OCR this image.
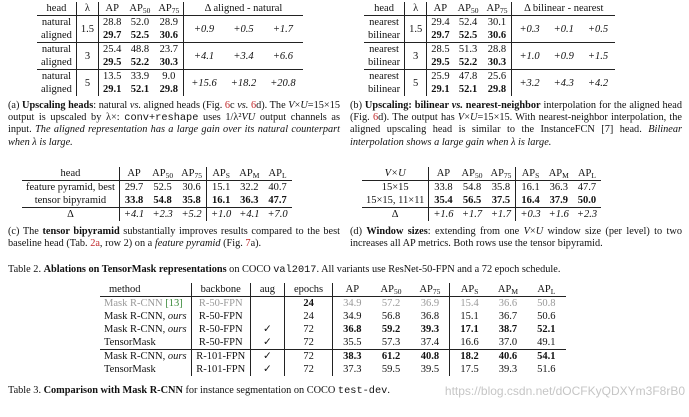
head	λ	AP	$AP_{50}$	$AP_{75}$	Δ aligned - natural		
natural	1.5	28.8	52.0	28.9	+0.9	+0.5	+1.7
aligned		29.7	52.5	30.6			
natural	3	25.4	48.8	23.7	+4.1	+3.4	+6.6
aligned		29.5	52.2	30.3			
natural	5	13.5	33.9	9.0	+15.6	+18.2	+20.8
aligned		29.1	52.1	29.8			
(a) Upscaling heads: natural vs. aligned heads (Fig. 6c vs. 6d). The V×U=15×15 output is upscaled by λ×: conv+reshape uses 1/λ²VU output channels as input. The aligned representation has a large gain over its natural counterpart when λ is large.
head	λ	AP	$AP_{50}$	$AP_{75}$	Δ bilinear - nearest		
nearest	1.5	29.4	52.4	30.1	+0.3	+0.1	+0.5
bilinear		29.7	52.5	30.6			
nearest	3	28.5	51.3	28.8	+1.0	+0.9	+1.5
bilinear		29.5	52.2	30.3			
nearest	5	25.9	47.8	25.6	+3.2	+4.3	+4.2
bilinear		29.1	52.1	29.8			
(b) Upscaling: bilinear vs. nearest-neighbor interpolation for the aligned head (Fig. 6d). The output has V×U=15×15. With nearest-neighbor interpolation, the aligned upscaling head is similar to the InstanceFCN [7] head. Bilinear interpolation shows a large gain when λ is large.
head	AP	$AP_{50}$	$AP_{75}$	$AP_S$	$AP_M$	$AP_L$
feature pyramid, best	29.7	52.5	30.6	15.1	32.2	40.7
tensor bipyramid	33.8	54.8	35.8	16.1	36.3	47.7
Δ	+4.1	+2.3	+5.2	+1.0	+4.1	+7.0
(c) The tensor bipyramid substantially improves results compared to the best baseline head (Tab. 2a, row 2) on a feature pyramid (Fig. 7a).
V×U	AP	$AP_{50}$	$AP_{75}$	$AP_S$	$AP_M$	$AP_L$
15×15	33.8	54.8	35.8	16.1	36.3	47.7
15×15, 11×11	35.4	56.5	37.5	16.4	37.9	50.0
Δ	+1.6	+1.7	+1.7	+0.3	+1.6	+2.3
(d) Window sizes: extending from one V×U window size (per level) to two increases all AP metrics. Both rows use the tensor bipyramid.
Table 2. Ablations on TensorMask representations on COCO val2017. All variants use ResNet-50-FPN and a 72 epoch schedule.
method	backbone	aug	epochs	AP	$AP_{50}$	$AP_{75}$	$AP_S$	$AP_M$	$AP_L$
Mask R-CNN [13]	R-50-FPN		24	34.9	57.2	36.9	15.4	36.6	50.8
Mask R-CNN, ours	R-50-FPN		24	34.9	56.8	36.8	15.1	36.7	50.6
Mask R-CNN, ours	R-50-FPN	✓	72	36.8	59.2	39.3	17.1	38.7	52.1
TensorMask	R-50-FPN	✓	72	35.5	57.3	37.4	16.6	37.0	49.1
Mask R-CNN, ours	R-101-FPN	✓	72	38.3	61.2	40.8	18.2	40.6	54.1
TensorMask	R-101-FPN	✓	72	37.3	59.5	39.5	17.5	39.3	51.6
Table 3. Comparison with Mask R-CNN for instance segmentation on COCO test-dev.	https://blog.csdn.net/dOCFKyQDXYm3F8rB0
